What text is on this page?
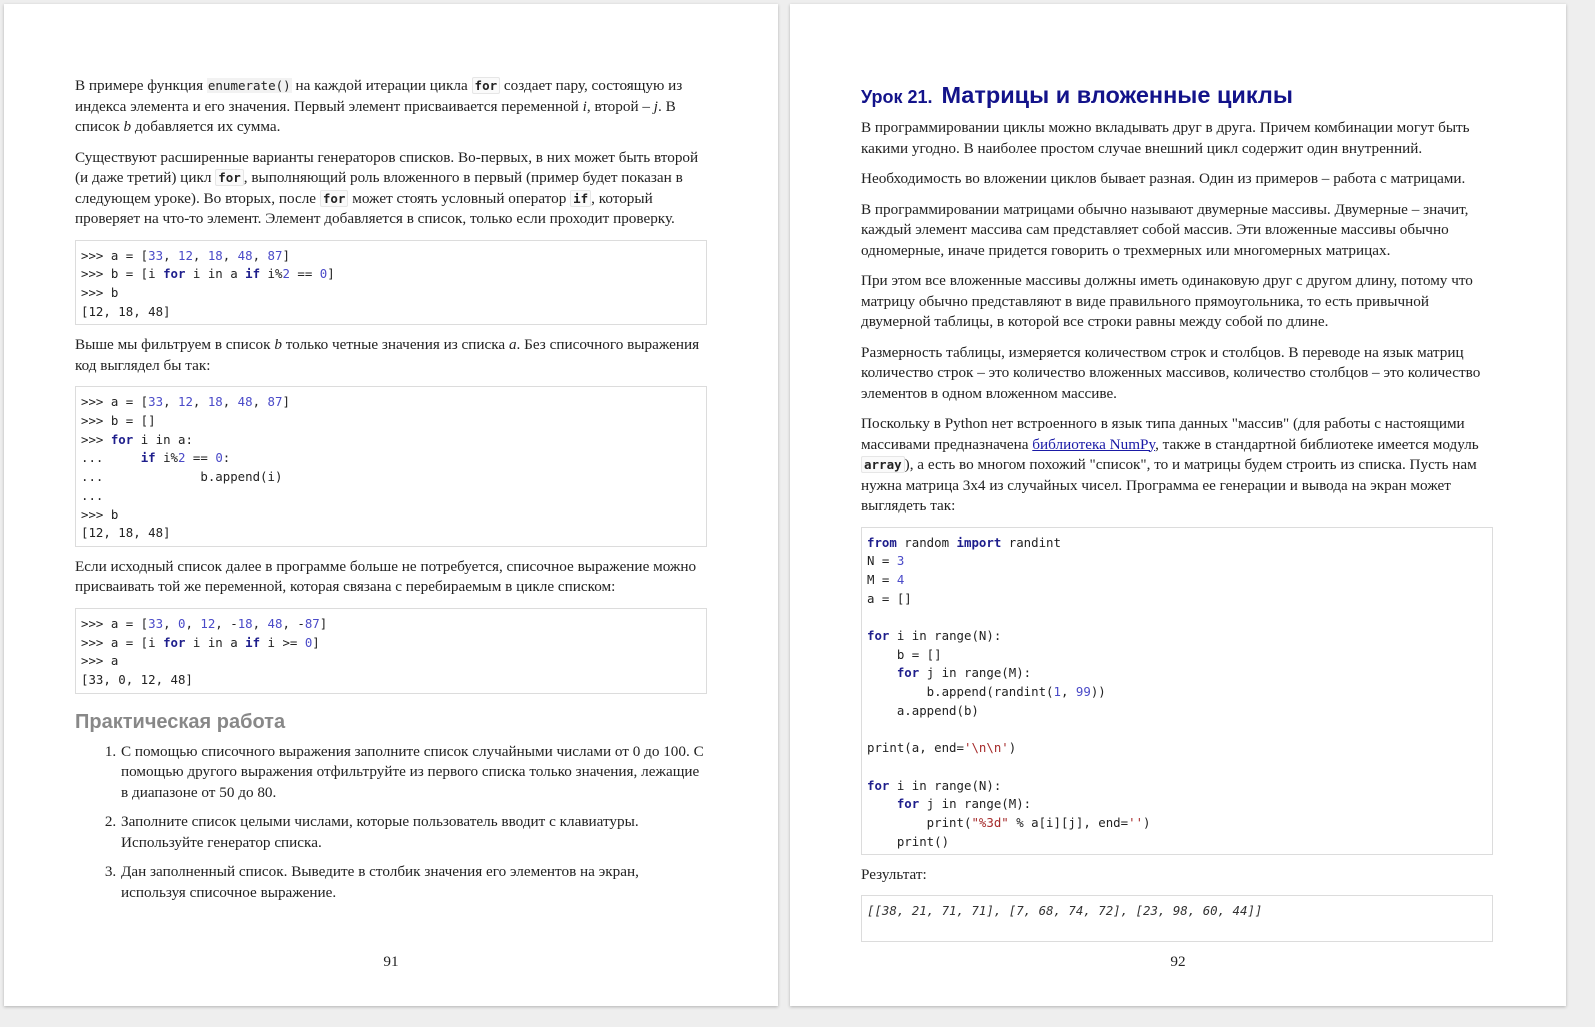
В примере функция enumerate() на каждой итерации цикла for создает пару, состоящую из индекса элемента и его значения. Первый элемент присваивается переменной i, второй – j. В список b добавляется их сумма.

Существуют расширенные варианты генераторов списков. Во-первых, в них может быть второй (и даже третий) цикл for , выполняющий роль вложенного в первый (пример будет показан в следующем уроке). Во вторых, после for может стоять условный оператор if , который проверяет на что-то элемент. Элемент добавляется в список, только если проходит проверку.

>>> a = [33, 12, 18, 48, 87]
>>> b = [i for i in a if i%2 == 0]
>>> b
[12, 18, 48]

Выше мы фильтруем в список b только четные значения из списка a. Без списочного выражения код выглядел бы так:

>>> a = [33, 12, 18, 48, 87]
>>> b = []
>>> for i in a:
...     if i%2 == 0:
...             b.append(i)
...
>>> b
[12, 18, 48]

Если исходный список далее в программе больше не потребуется, списочное выражение можно присваивать той же переменной, которая связана с перебираемым в цикле списком:

>>> a = [33, 0, 12, -18, 48, -87]
>>> a = [i for i in a if i >= 0]
>>> a
[33, 0, 12, 48]
Практическая работа
1. С помощью списочного выражения заполните список случайными числами от 0 до 100. С помощью другого выражения отфильтруйте из первого списка только значения, лежащие в диапазоне от 50 до 80.
2. Заполните список целыми числами, которые пользователь вводит с клавиатуры. Используйте генератор списка.
3. Дан заполненный список. Выведите в столбик значения его элементов на экран, используя списочное выражение.
91
Урок 21. Матрицы и вложенные циклы

В программировании циклы можно вкладывать друг в друга. Причем комбинации могут быть какими угодно. В наиболее простом случае внешний цикл содержит один внутренний.

Необходимость во вложении циклов бывает разная. Один из примеров – работа с матрицами.

В программировании матрицами обычно называют двумерные массивы. Двумерные – значит, каждый элемент массива сам представляет собой массив. Эти вложенные массивы обычно одномерные, иначе придется говорить о трехмерных или многомерных матрицах.

При этом все вложенные массивы должны иметь одинаковую друг с другом длину, потому что матрицу обычно представляют в виде правильного прямоугольника, то есть привычной двумерной таблицы, в которой все строки равны между собой по длине.

Размерность таблицы, измеряется количеством строк и столбцов. В переводе на язык матриц количество строк – это количество вложенных массивов, количество столбцов – это количество элементов в одном вложенном массиве.

Поскольку в Python нет встроенного в язык типа данных "массив" (для работы с настоящими массивами предназначена библиотека NumPy, также в стандартной библиотеке имеется модуль array ), а есть во многом похожий "список", то и матрицы будем строить из списка. Пусть нам нужна матрица 3x4 из случайных чисел. Программа ее генерации и вывода на экран может выглядеть так:

from random import randint
N = 3
M = 4
a = []

for i in range(N):
b = []
for j in range(M):
b.append(randint(1, 99))
a.append(b)

print(a, end='\n\n')

for i in range(N):
for j in range(M):
print("%3d" % a[i][j], end='')
print()

Результат:

[[38, 21, 71, 71], [7, 68, 74, 72], [23, 98, 60, 44]]
92
